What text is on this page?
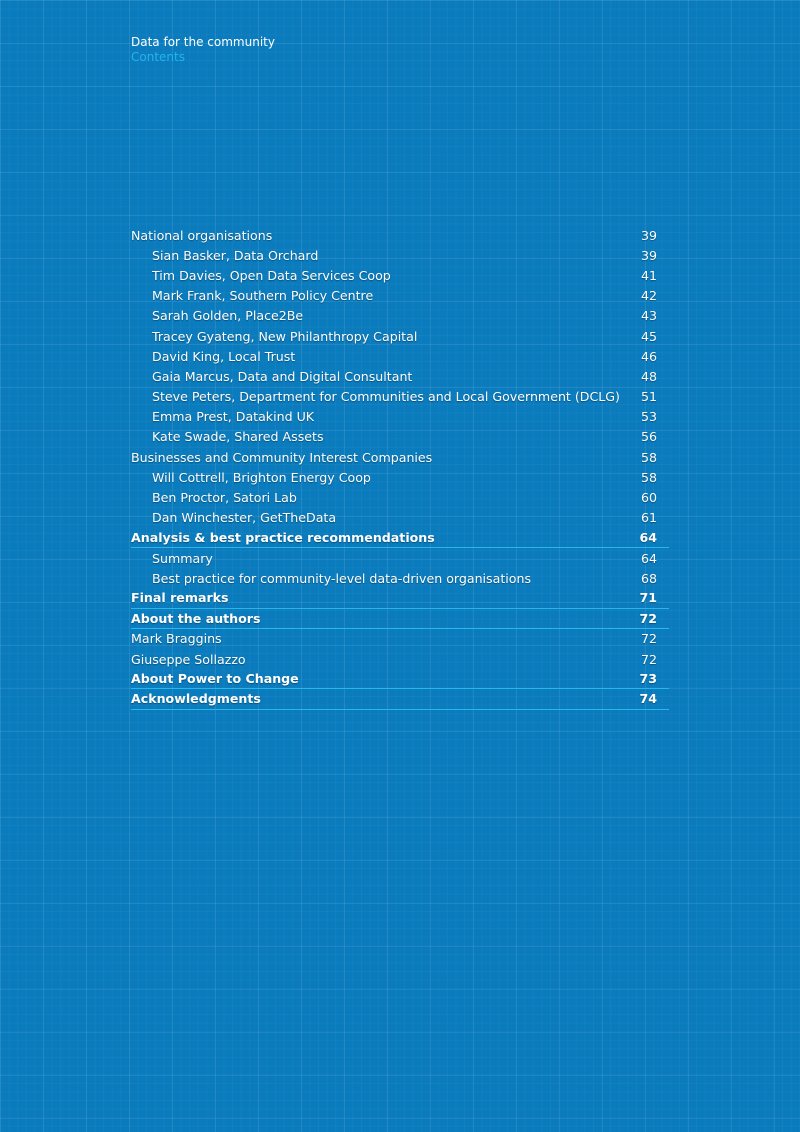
Data for the community
Contents
National organisations	39
Sian Basker, Data Orchard	39
Tim Davies, Open Data Services Coop	41
Mark Frank, Southern Policy Centre	42
Sarah Golden, Place2Be	43
Tracey Gyateng, New Philanthropy Capital	45
David King, Local Trust	46
Gaia Marcus, Data and Digital Consultant	48
Steve Peters, Department for Communities and Local Government (DCLG) 51
Emma Prest, Datakind UK	53
Kate Swade, Shared Assets	56
Businesses and Community Interest Companies	58
Will Cottrell, Brighton Energy Coop	58
Ben Proctor, Satori Lab	60
Dan Winchester, GetTheData	61
Analysis & best practice recommendations	64
Summary	64
Best practice for community-level data-driven organisations	68
Final remarks	71
About the authors	72
Mark Braggins	72
Giuseppe Sollazzo	72
About Power to Change	73
Acknowledgments	74
